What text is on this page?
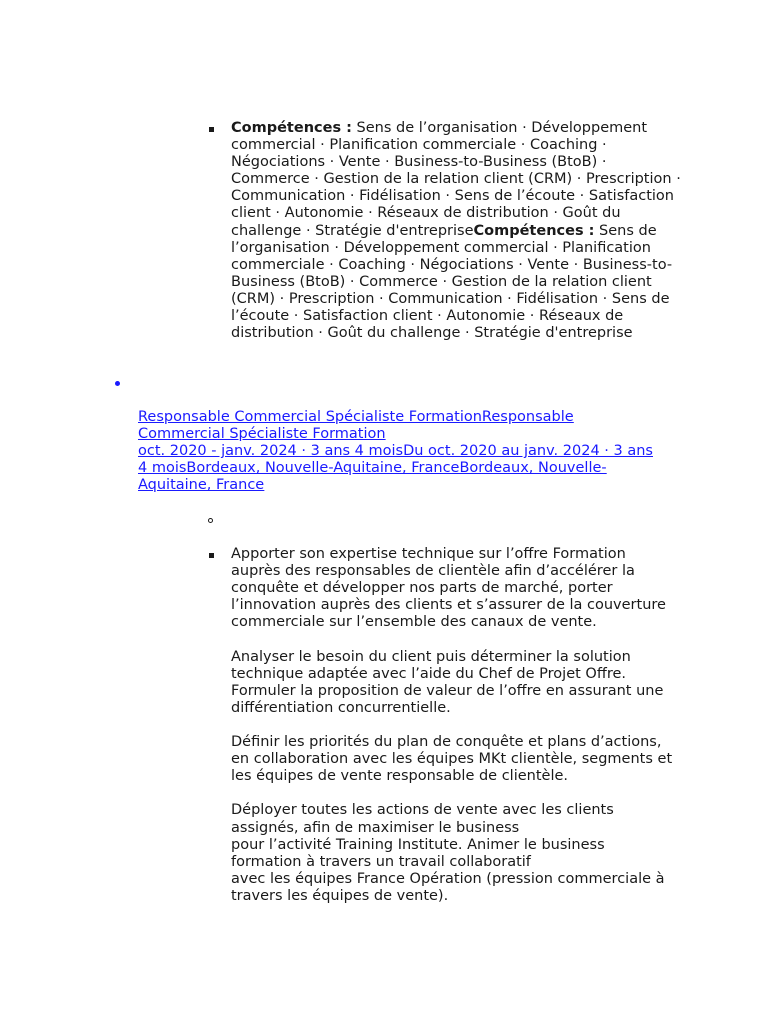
Compétences : Sens de l’organisation · Développement commercial · Planification commerciale · Coaching · Négociations · Vente · Business-to-Business (BtoB) · Commerce · Gestion de la relation client (CRM) · Prescription · Communication · Fidélisation · Sens de l’écoute · Satisfaction client · Autonomie · Réseaux de distribution · Goût du challenge · Stratégie d'entrepriseCompétences : Sens de l’organisation · Développement commercial · Planification commerciale · Coaching · Négociations · Vente · Business-to-Business (BtoB) · Commerce · Gestion de la relation client (CRM) · Prescription · Communication · Fidélisation · Sens de l’écoute · Satisfaction client · Autonomie · Réseaux de distribution · Goût du challenge · Stratégie d'entreprise
Responsable Commercial Spécialiste FormationResponsable Commercial Spécialiste Formation
oct. 2020 - janv. 2024 · 3 ans 4 moisDu oct. 2020 au janv. 2024 · 3 ans 4 moisBordeaux, Nouvelle-Aquitaine, FranceBordeaux, Nouvelle-Aquitaine, France

Apporter son expertise technique sur l’offre Formation auprès des responsables de clientèle afin d’accélérer la conquête et développer nos parts de marché, porter l’innovation auprès des clients et s’assurer de la couverture commerciale sur l’ensemble des canaux de vente.

Analyser le besoin du client puis déterminer la solution technique adaptée avec l’aide du Chef de Projet Offre. Formuler la proposition de valeur de l’offre en assurant une différentiation concurrentielle.

Définir les priorités du plan de conquête et plans d’actions, en collaboration avec les équipes MKt clientèle, segments et les équipes de vente responsable de clientèle.

Déployer toutes les actions de vente avec les clients assignés, afin de maximiser le business
pour l’activité Training Institute. Animer le business formation à travers un travail collaboratif
avec les équipes France Opération (pression commerciale à travers les équipes de vente).
